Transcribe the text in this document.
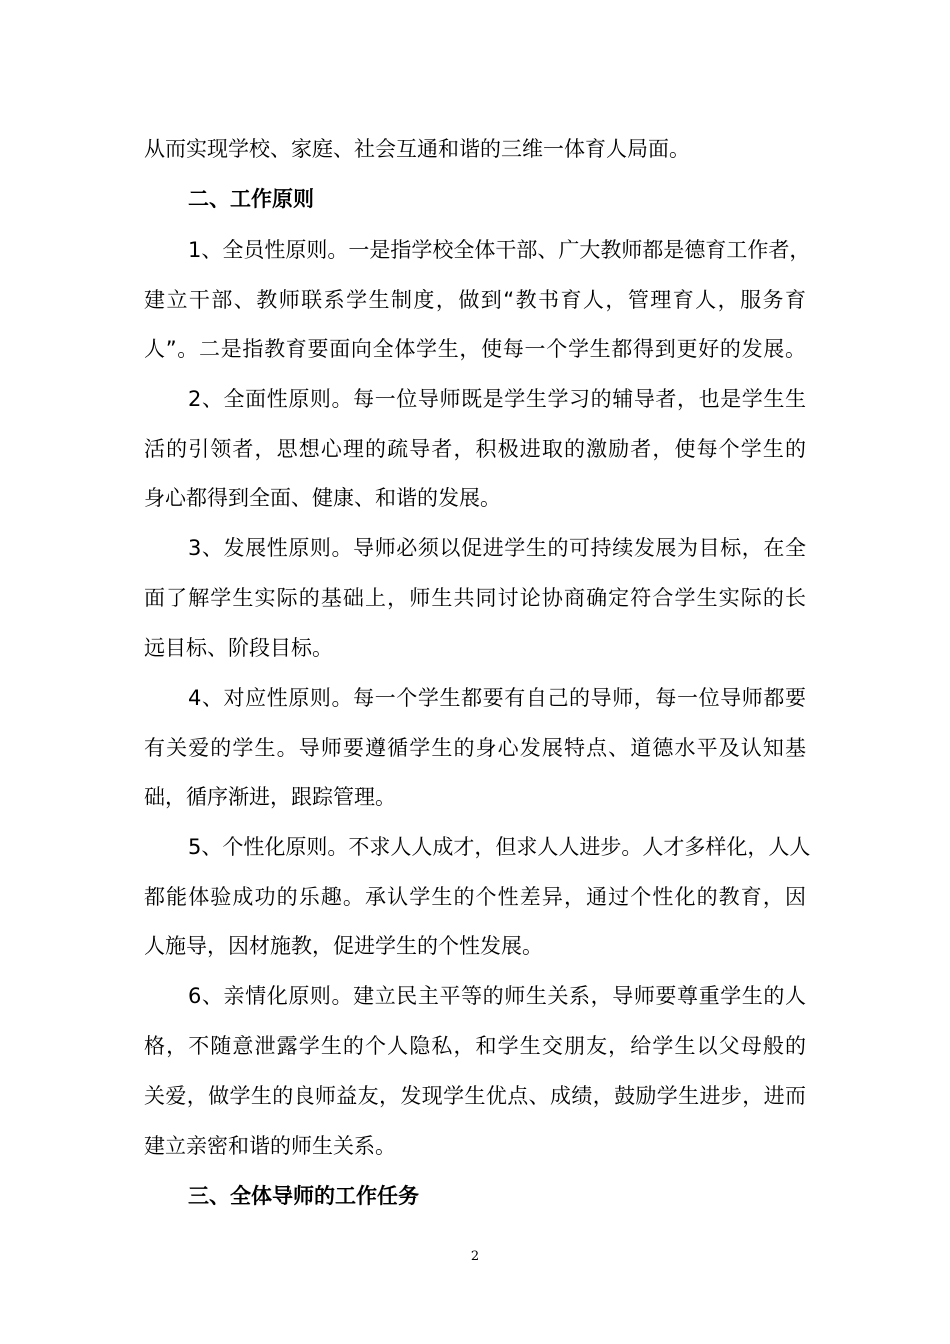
从而实现学校、家庭、社会互通和谐的三维一体育人局面。
二、工作原则
1、全员性原则。一是指学校全体干部、广大教师都是德育工作者，
建立干部、教师联系学生制度，做到“教书育人，管理育人，服务育
人”。二是指教育要面向全体学生，使每一个学生都得到更好的发展。
2、全面性原则。每一位导师既是学生学习的辅导者，也是学生生
活的引领者，思想心理的疏导者，积极进取的激励者，使每个学生的
身心都得到全面、健康、和谐的发展。
3、发展性原则。导师必须以促进学生的可持续发展为目标，在全
面了解学生实际的基础上，师生共同讨论协商确定符合学生实际的长
远目标、阶段目标。
4、对应性原则。每一个学生都要有自己的导师，每一位导师都要
有关爱的学生。导师要遵循学生的身心发展特点、道德水平及认知基
础，循序渐进，跟踪管理。
5、个性化原则。不求人人成才，但求人人进步。人才多样化，人人
都能体验成功的乐趣。承认学生的个性差异，通过个性化的教育，因
人施导，因材施教，促进学生的个性发展。
6、亲情化原则。建立民主平等的师生关系，导师要尊重学生的人
格，不随意泄露学生的个人隐私，和学生交朋友，给学生以父母般的
关爱，做学生的良师益友，发现学生优点、成绩，鼓励学生进步，进而
建立亲密和谐的师生关系。
三、全体导师的工作任务
2
